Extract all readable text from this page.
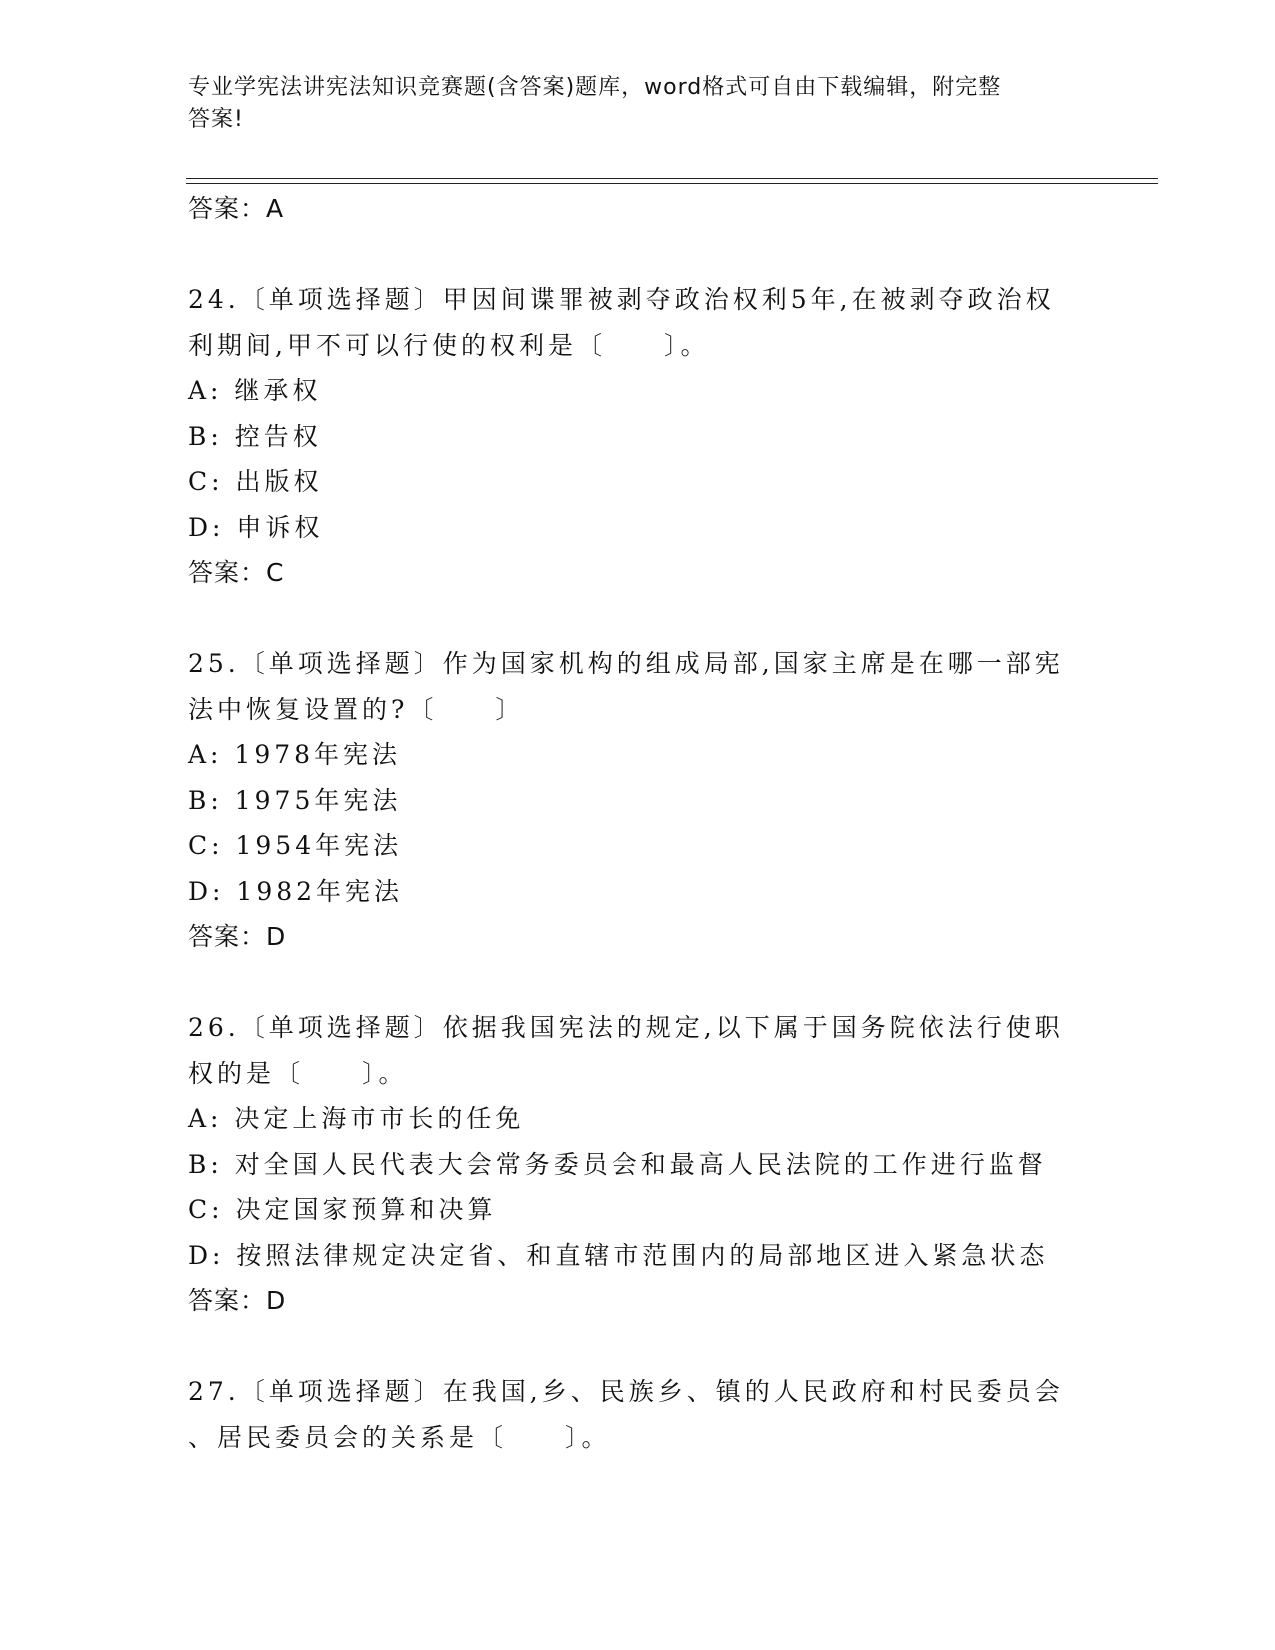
专业学宪法讲宪法知识竞赛题(含答案)题库，word格式可自由下载编辑，附完整
答案!
答案：A
24.〔单项选择题〕甲因间谍罪被剥夺政治权利5年,在被剥夺政治权
利期间,甲不可以行使的权利是〔　　〕。
A: 继承权
B: 控告权
C: 出版权
D: 申诉权
答案：C
25.〔单项选择题〕作为国家机构的组成局部,国家主席是在哪一部宪
法中恢复设置的?〔　　〕
A: 1978年宪法
B: 1975年宪法
C: 1954年宪法
D: 1982年宪法
答案：D
26.〔单项选择题〕依据我国宪法的规定,以下属于国务院依法行使职
权的是〔　　〕。
A: 决定上海市市长的任免
B: 对全国人民代表大会常务委员会和最高人民法院的工作进行监督
C: 决定国家预算和决算
D: 按照法律规定决定省、和直辖市范围内的局部地区进入紧急状态
答案：D
27.〔单项选择题〕在我国,乡、民族乡、镇的人民政府和村民委员会
、居民委员会的关系是〔　　〕。
